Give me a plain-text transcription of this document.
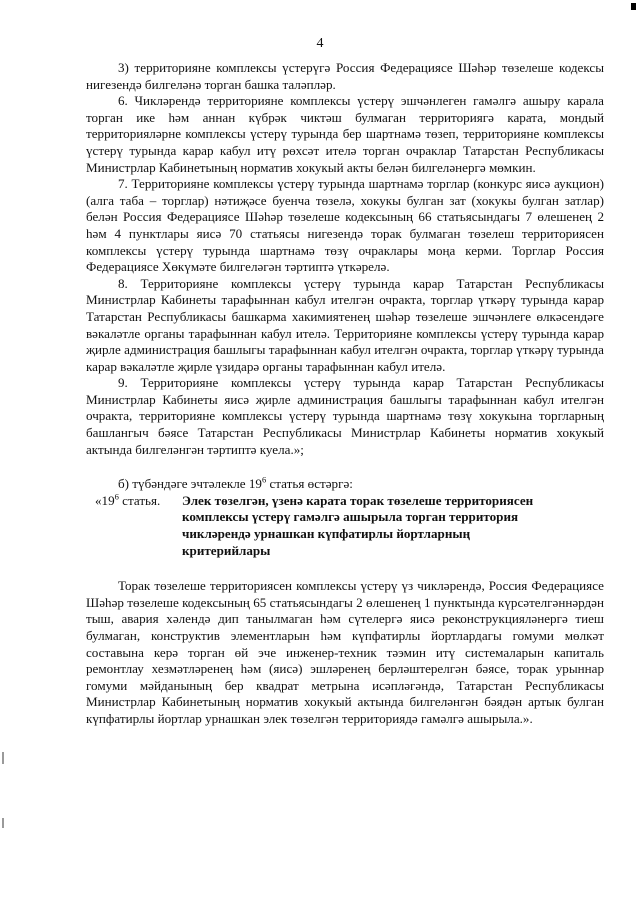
4

3) территорияне комплексы үстерүгә Россия Федерациясе Шәһәр төзелеше кодексы нигезендә билгеләнә торган башка таләпләр.

6. Чикләрендә территорияне комплексы үстерү эшчәнлеген гамәлгә ашыру карала торган ике һәм аннан күбрәк чиктәш булмаган территориягә карата, мондый территорияләрне комплексы үстерү турында бер шартнамә төзеп, территорияне комплексы үстерү турында карар кабул итү рөхсәт ителә торган очраклар Татарстан Республикасы Министрлар Кабинетының норматив хокукый акты белән билгеләнергә мөмкин.

7. Территорияне комплексы үстерү турында шартнамә торглар (конкурс яисә аукцион) (алга таба – торглар) нәтиҗәсе буенча төзелә, хокукы булган зат (хокукы булган затлар) белән Россия Федерациясе Шәһәр төзелеше кодексының 66 статьясындагы 7 өлешенең 2 һәм 4 пунктлары яисә 70 статьясы нигезендә торак булмаган төзелеш территориясен комплексы үстерү турында шартнамә төзү очраклары моңа керми. Торглар Россия Федерациясе Хөкүмәте билгеләгән тәртиптә үткәрелә.

8. Территорияне комплексы үстерү турында карар Татарстан Республикасы Министрлар Кабинеты тарафыннан кабул ителгән очракта, торглар үткәрү турында карар Татарстан Республикасы башкарма хакимиятенең шәһәр төзелеше эшчәнлеге өлкәсендәге вәкаләтле органы тарафыннан кабул ителә. Территорияне комплексы үстерү турында карар җирле администрация башлыгы тарафыннан кабул ителгән очракта, торглар үткәрү турында карар вәкаләтле җирле үзидарә органы тарафыннан кабул ителә.

9. Территорияне комплексы үстерү турында карар Татарстан Республикасы Министрлар Кабинеты яисә җирле администрация башлыгы тарафыннан кабул ителгән очракта, территорияне комплексы үстерү турында шартнамә төзү хокукына торгларның башлангыч бәясе Татарстан Республикасы Министрлар Кабинеты норматив хокукый актында билгеләнгән тәртиптә куела.»;

б) түбәндәге эчтәлекле $19^6$ статья өстәргә:

«$19^6$ статья.	Элек төзелгән, үзенә карата торак төзелеше территориясен
комплексы үстерү гамәлгә ашырыла торган территория
чикләрендә урнашкан күпфатирлы йортларның
критерийлары

Торак төзелеше территориясен комплексы үстерү үз чикләрендә, Россия Федерациясе Шәһәр төзелеше кодексының 65 статьясындагы 2 өлешенең 1 пунктында күрсәтелгәннәрдән тыш, авария хәлендә дип танылмаган һәм сүтелергә яисә реконструкцияләнергә тиеш булмаган, конструктив элементларын һәм күпфатирлы йортлардагы гомуми мөлкәт составына керә торган өй эче инженер-техник тәэмин итү системаларын капиталь ремонтлау хезмәтләренең һәм (яисә) эшләренең берләштерелгән бәясе, торак урыннар гомуми мәйданының бер квадрат метрына исәпләгәндә, Татарстан Республикасы Министрлар Кабинетының норматив хокукый актында билгеләнгән бәядән артык булган күпфатирлы йортлар урнашкан элек төзелгән территориядә гамәлгә ашырыла.».
